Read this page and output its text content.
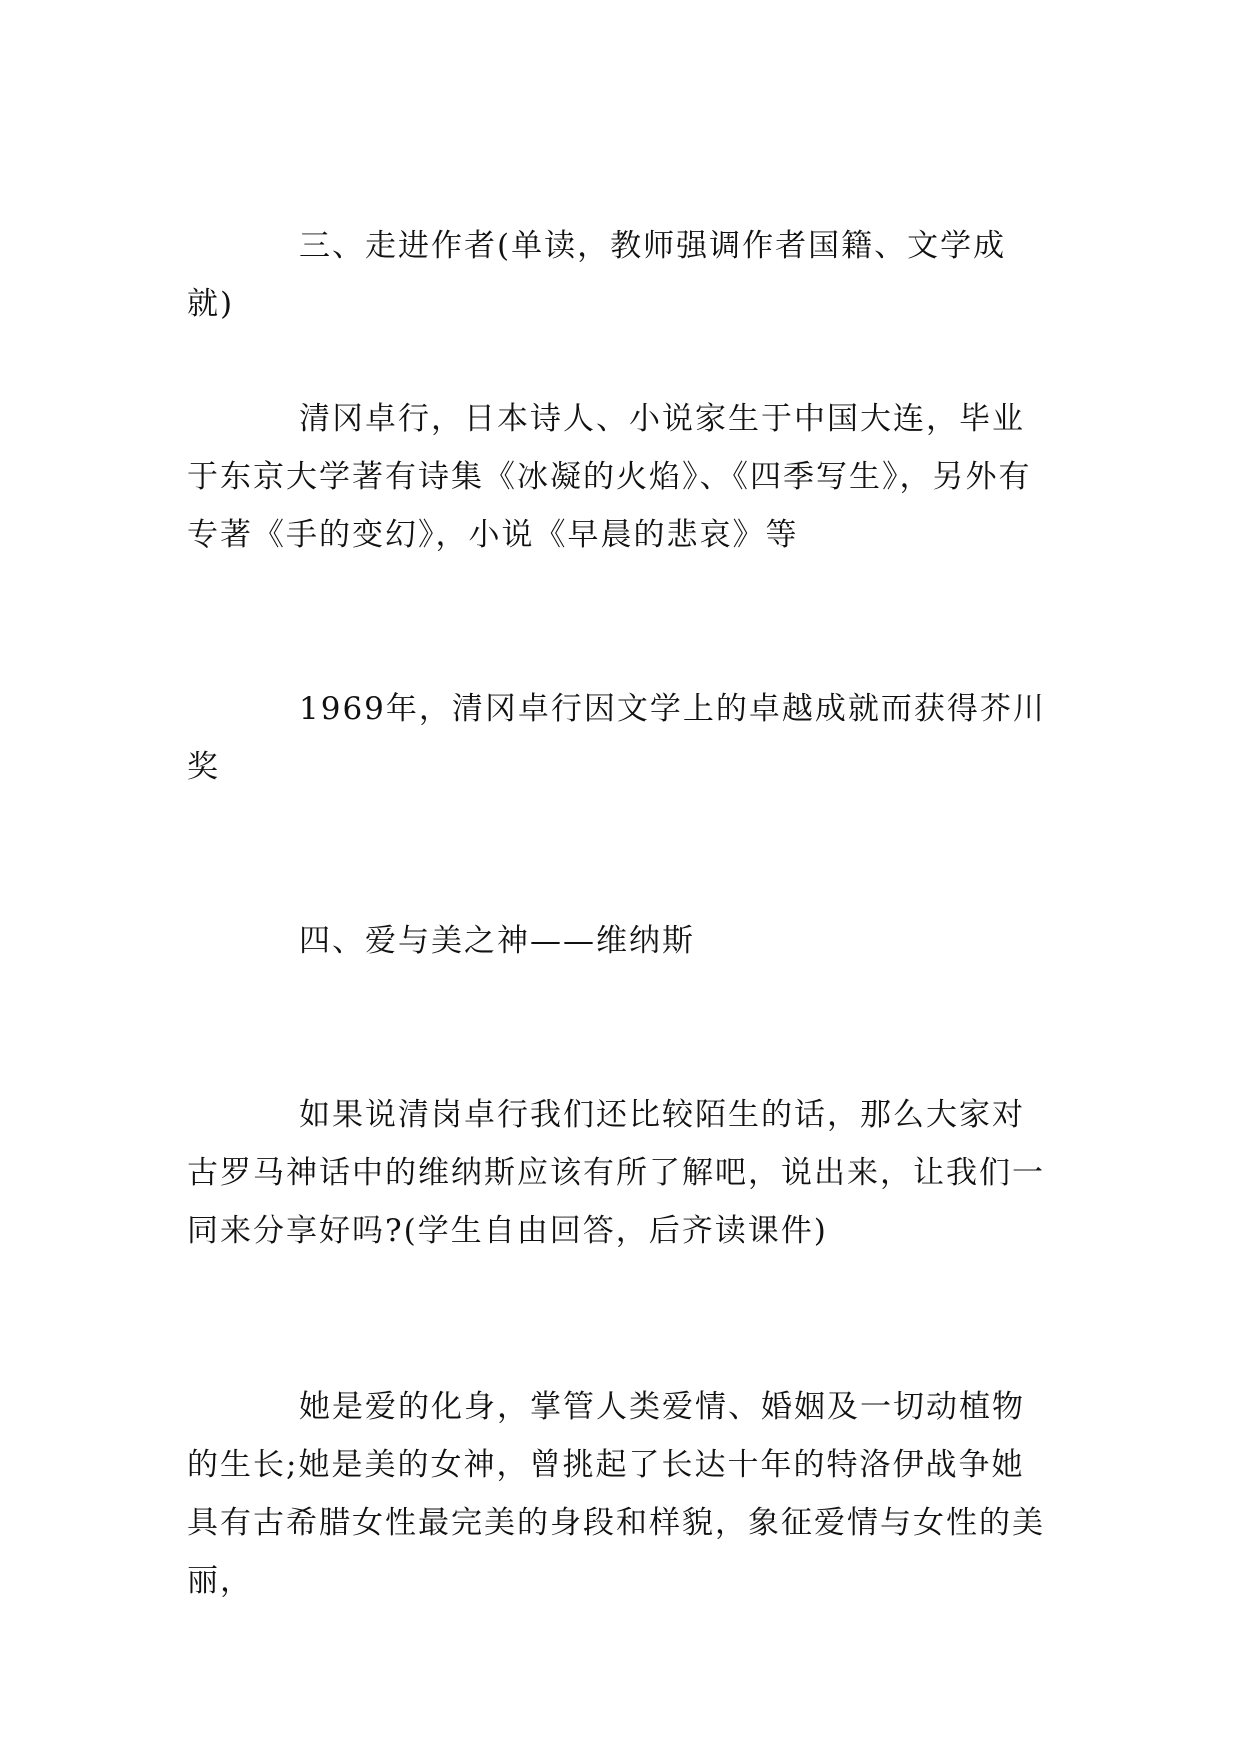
三、走进作者(单读，教师强调作者国籍、文学成就)

清冈卓行，日本诗人、小说家生于中国大连，毕业于东京大学著有诗集《冰凝的火焰》、《四季写生》，另外有专著《手的变幻》，小说《早晨的悲哀》等

1969年，清冈卓行因文学上的卓越成就而获得芥川奖

四、爱与美之神——维纳斯

如果说清岗卓行我们还比较陌生的话，那么大家对古罗马神话中的维纳斯应该有所了解吧，说出来，让我们一同来分享好吗?(学生自由回答，后齐读课件)

她是爱的化身，掌管人类爱情、婚姻及一切动植物的生长;她是美的女神，曾挑起了长达十年的特洛伊战争她具有古希腊女性最完美的身段和样貌，象征爱情与女性的美丽，
